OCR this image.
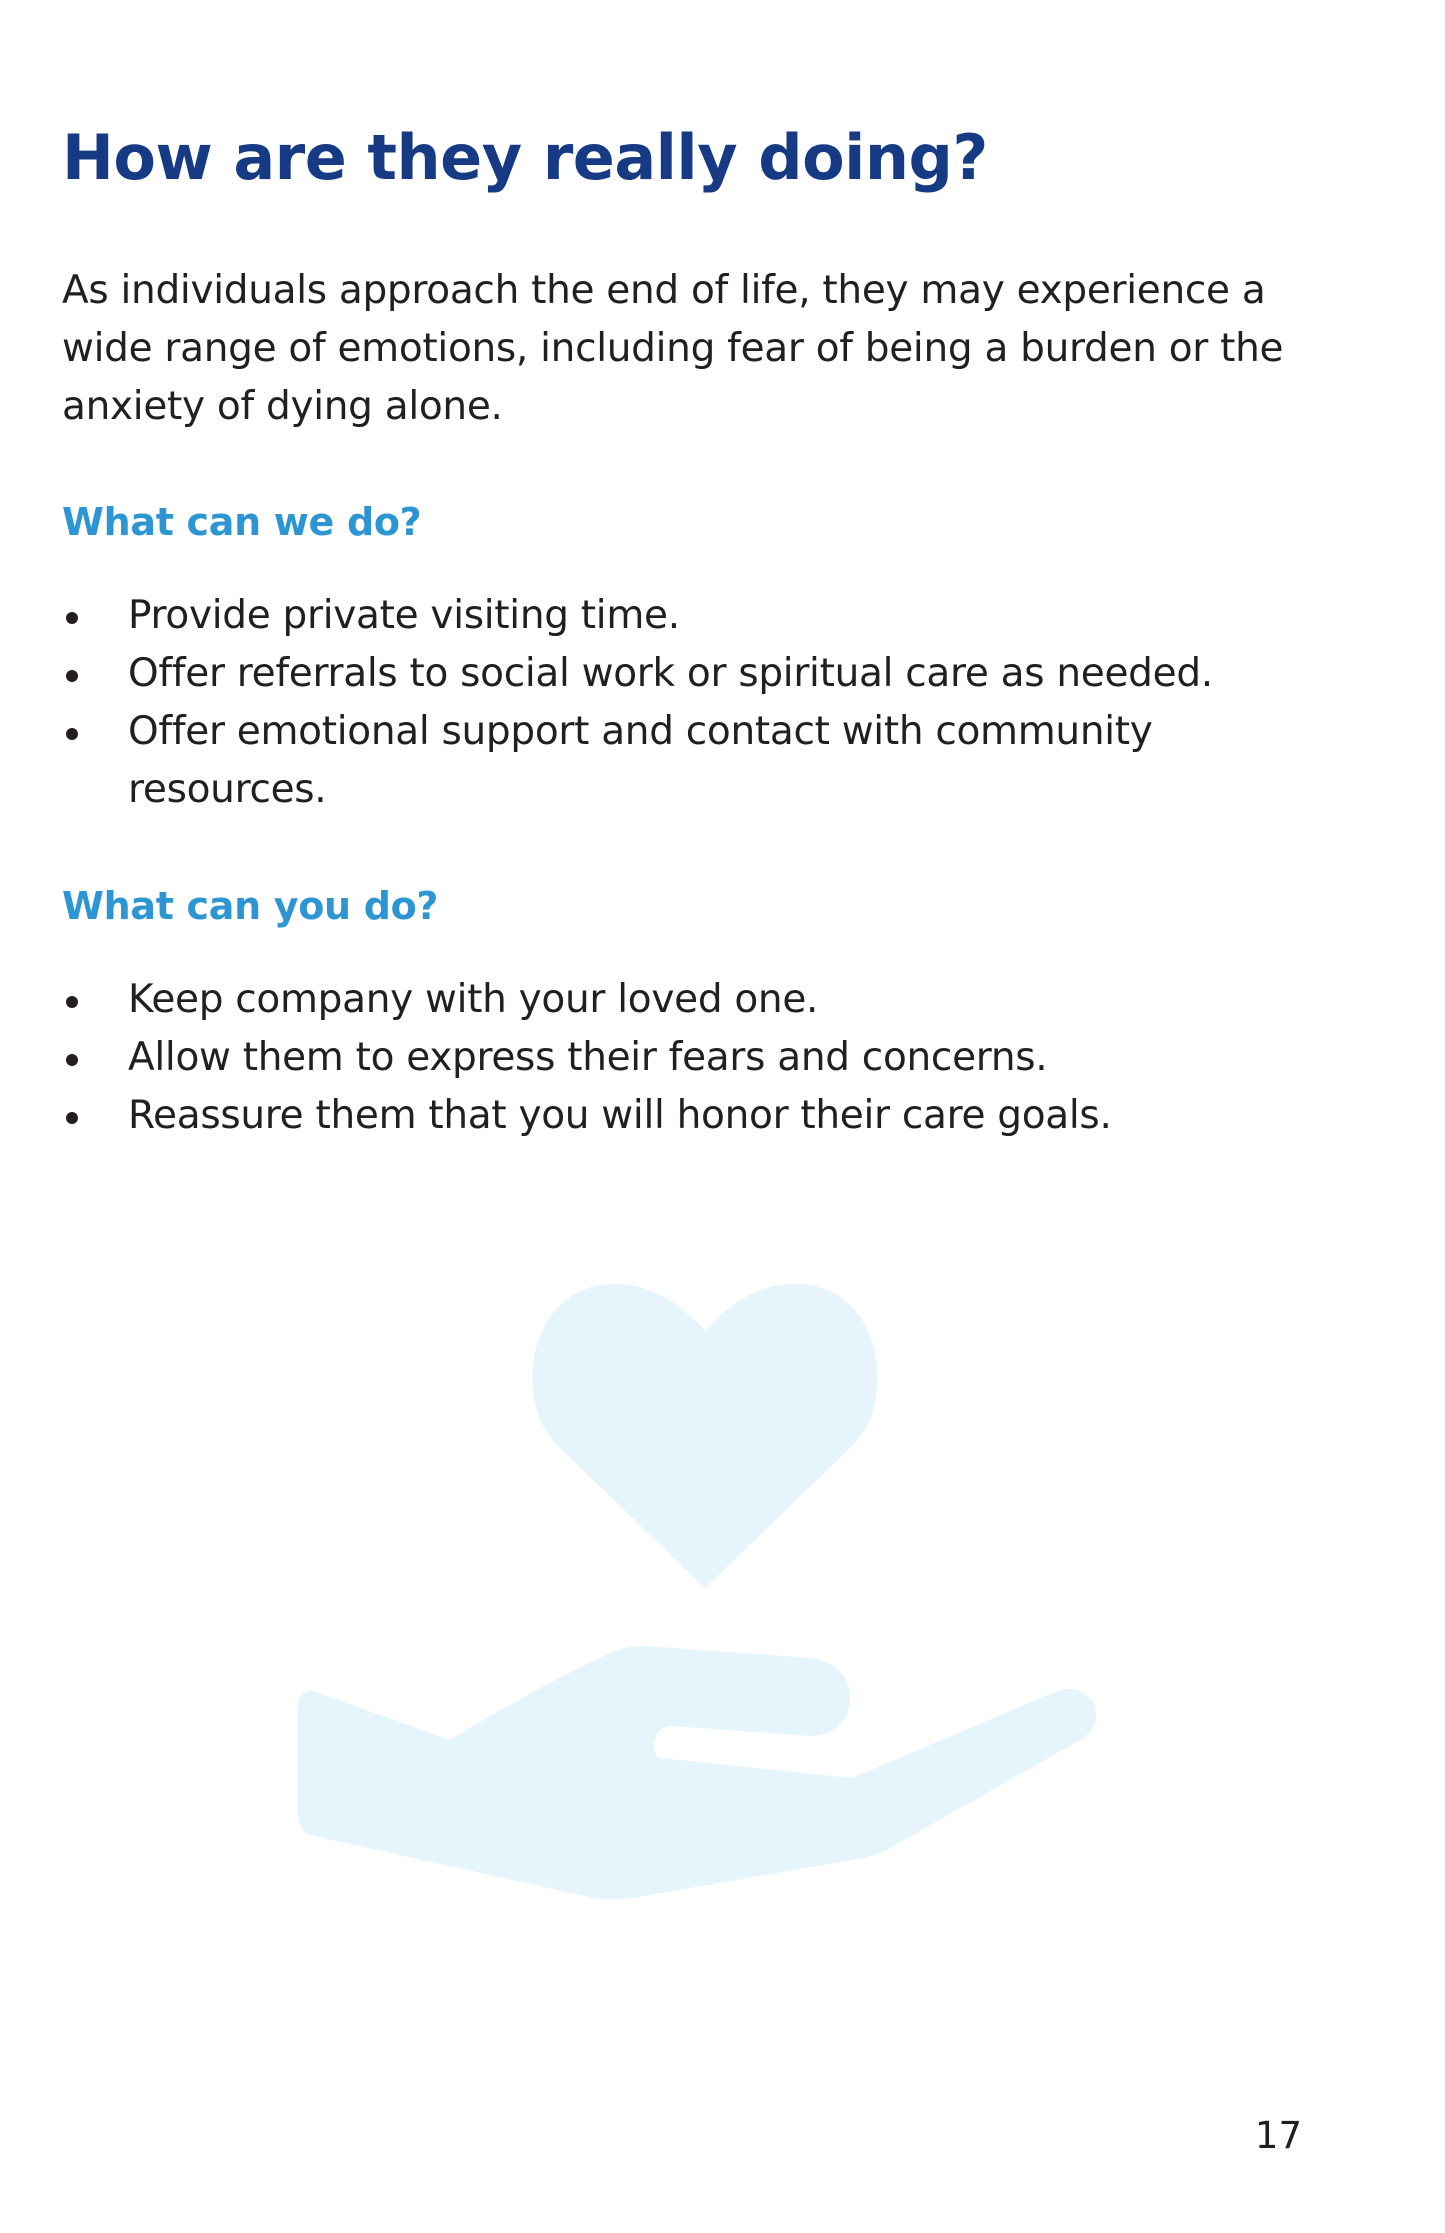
How are they really doing?

As individuals approach the end of life, they may experience a wide range of emotions, including fear of being a burden or the anxiety of dying alone.

What can we do?
Provide private visiting time.
Offer referrals to social work or spiritual care as needed.
Offer emotional support and contact with community resources.
What can you do?
Keep company with your loved one.
Allow them to express their fears and concerns.
Reassure them that you will honor their care goals.
17
